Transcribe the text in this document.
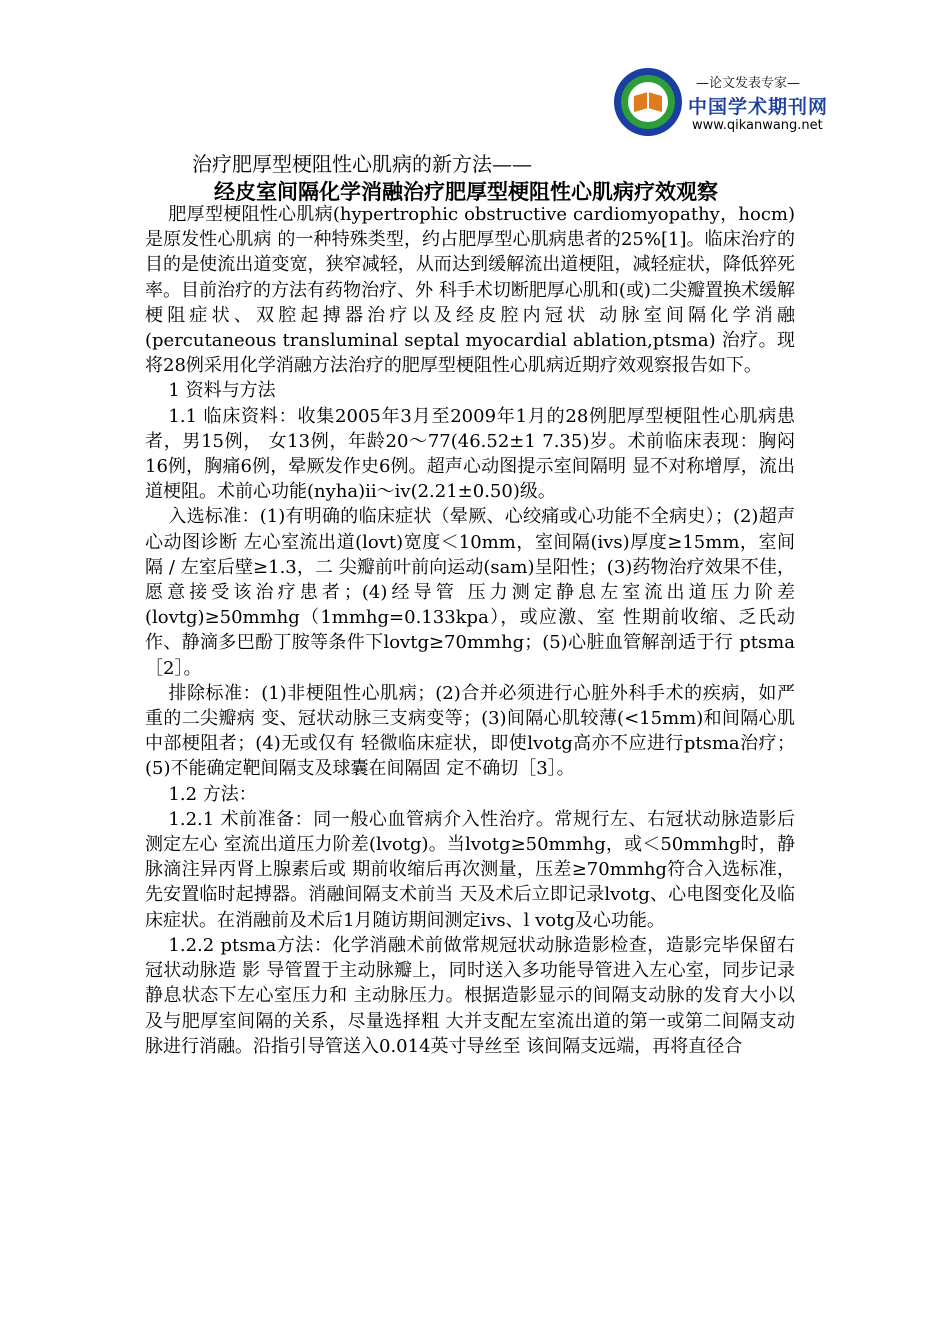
—论文发表专家—
中国学术期刊网
www.qikanwang.net
治疗肥厚型梗阻性心肌病的新方法——
经皮室间隔化学消融治疗肥厚型梗阻性心肌病疗效观察

肥厚型梗阻性心肌病(hypertrophic obstructive cardiomyopathy，hocm)是原发性心肌病 的一种特殊类型，约占肥厚型心肌病患者的25%[1]。临床治疗的目的是使流出道变宽，狭窄减轻，从而达到缓解流出道梗阻，减轻症状，降低猝死率。目前治疗的方法有药物治疗、外 科手术切断肥厚心肌和(或)二尖瓣置换术缓解梗阻症状、双腔起搏器治疗以及经皮腔内冠状 动脉室间隔化学消融(percutaneous transluminal septal myocardial ablation,ptsma) 治疗。现将28例采用化学消融方法治疗的肥厚型梗阻性心肌病近期疗效观察报告如下。

1 资料与方法

1.1 临床资料：收集2005年3月至2009年1月的28例肥厚型梗阻性心肌病患者，男15例， 女13例，年龄20～77(46.52±1 7.35)岁。术前临床表现：胸闷16例，胸痛6例，晕厥发作史6例。超声心动图提示室间隔明 显不对称增厚，流出道梗阻。术前心功能(nyha)ⅱ～ⅳ(2.21±0.50)级。

入选标准：(1)有明确的临床症状（晕厥、心绞痛或心功能不全病史）；(2)超声心动图诊断 左心室流出道(lovt)宽度＜10mm，室间隔(ivs)厚度≥15mm，室间隔 / 左室后壁≥1.3，二 尖瓣前叶前向运动(sam)呈阳性；(3)药物治疗效果不佳，愿意接受该治疗患者；(4)经导管 压力测定静息左室流出道压力阶差(lovtg)≥50mmhg（1mmhg=0.133kpa），或应激、室 性期前收缩、乏氏动作、静滴多巴酚丁胺等条件下lovtg≥70mmhg；(5)心脏血管解剖适于行 ptsma［2］。

排除标准：(1)非梗阻性心肌病；(2)合并必须进行心脏外科手术的疾病，如严重的二尖瓣病 变、冠状动脉三支病变等；(3)间隔心肌较薄(<15mm)和间隔心肌中部梗阻者；(4)无或仅有 轻微临床症状，即使lvotg高亦不应进行ptsma治疗；(5)不能确定靶间隔支及球囊在间隔固 定不确切［3］。

1.2 方法：

1.2.1 术前准备：同一般心血管病介入性治疗。常规行左、右冠状动脉造影后测定左心 室流出道压力阶差(lvotg)。当lvotg≥50mmhg，或＜50mmhg时，静脉滴注异丙肾上腺素后或 期前收缩后再次测量，压差≥70mmhg符合入选标准，先安置临时起搏器。消融间隔支术前当 天及术后立即记录lvotg、心电图变化及临床症状。在消融前及术后1月随访期间测定ivs、l votg及心功能。

1.2.2 ptsma方法：化学消融术前做常规冠状动脉造影检查，造影完毕保留右冠状动脉造 影 导管置于主动脉瓣上，同时送入多功能导管进入左心室，同步记录静息状态下左心室压力和 主动脉压力。根据造影显示的间隔支动脉的发育大小以及与肥厚室间隔的关系，尽量选择粗 大并支配左室流出道的第一或第二间隔支动脉进行消融。沿指引导管送入0.014英寸导丝至 该间隔支远端，再将直径合
